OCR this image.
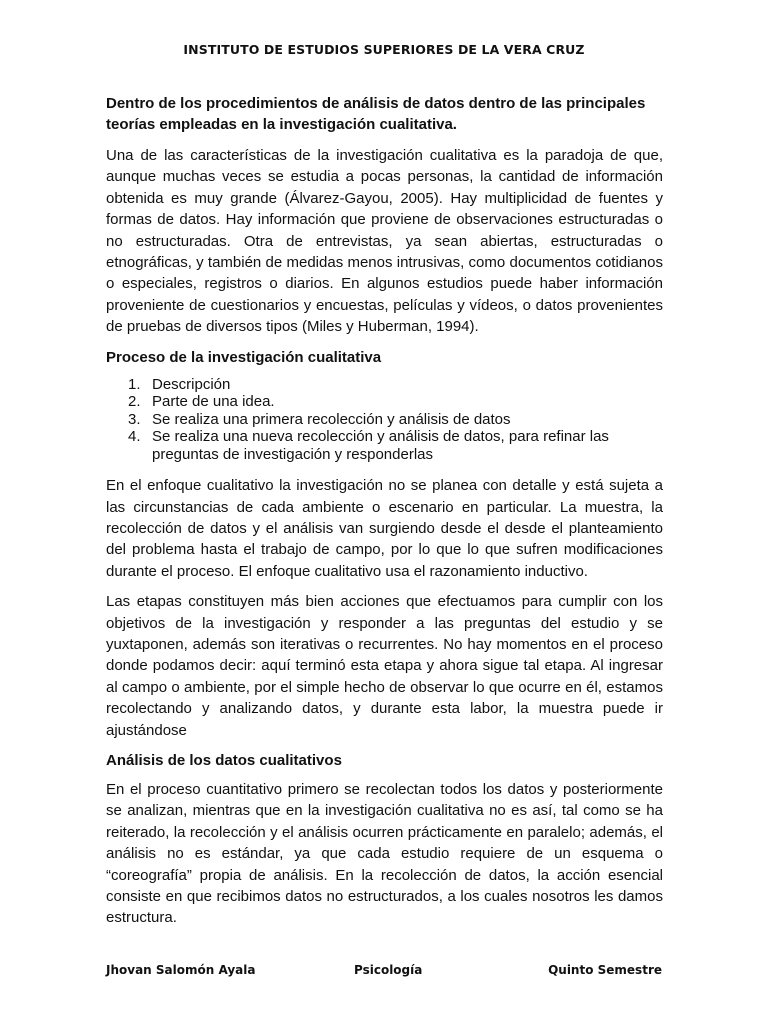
INSTITUTO DE ESTUDIOS SUPERIORES DE LA VERA CRUZ

Dentro de los procedimientos de análisis de datos dentro de las principales teorías empleadas en la investigación cualitativa.

Una de las características de la investigación cualitativa es la paradoja de que, aunque muchas veces se estudia a pocas personas, la cantidad de información obtenida es muy grande (Álvarez-Gayou, 2005). Hay multiplicidad de fuentes y formas de datos. Hay información que proviene de observaciones estructuradas o no estructuradas. Otra de entrevistas, ya sean abiertas, estructuradas o etnográficas, y también de medidas menos intrusivas, como documentos cotidianos o especiales, registros o diarios. En algunos estudios puede haber información proveniente de cuestionarios y encuestas, películas y vídeos, o datos provenientes de pruebas de diversos tipos (Miles y Huberman, 1994).

Proceso de la investigación cualitativa

1. Descripción
2. Parte de una idea.
3. Se realiza una primera recolección y análisis de datos
4. Se realiza una nueva recolección y análisis de datos, para refinar las preguntas de investigación y responderlas

En el enfoque cualitativo la investigación no se planea con detalle y está sujeta a las circunstancias de cada ambiente o escenario en particular. La muestra, la recolección de datos y el análisis van surgiendo desde el desde el planteamiento del problema hasta el trabajo de campo, por lo que lo que sufren modificaciones durante el proceso. El enfoque cualitativo usa el razonamiento inductivo.

Las etapas constituyen más bien acciones que efectuamos para cumplir con los objetivos de la investigación y responder a las preguntas del estudio y se yuxtaponen, además son iterativas o recurrentes. No hay momentos en el proceso donde podamos decir: aquí terminó esta etapa y ahora sigue tal etapa. Al ingresar al campo o ambiente, por el simple hecho de observar lo que ocurre en él, estamos recolectando y analizando datos, y durante esta labor, la muestra puede ir ajustándose

Análisis de los datos cualitativos

En el proceso cuantitativo primero se recolectan todos los datos y posteriormente se analizan, mientras que en la investigación cualitativa no es así, tal como se ha reiterado, la recolección y el análisis ocurren prácticamente en paralelo; además, el análisis no es estándar, ya que cada estudio requiere de un esquema o “coreografía” propia de análisis. En la recolección de datos, la acción esencial consiste en que recibimos datos no estructurados, a los cuales nosotros les damos estructura.

Jhovan Salomón Ayala	Psicología	Quinto Semestre
